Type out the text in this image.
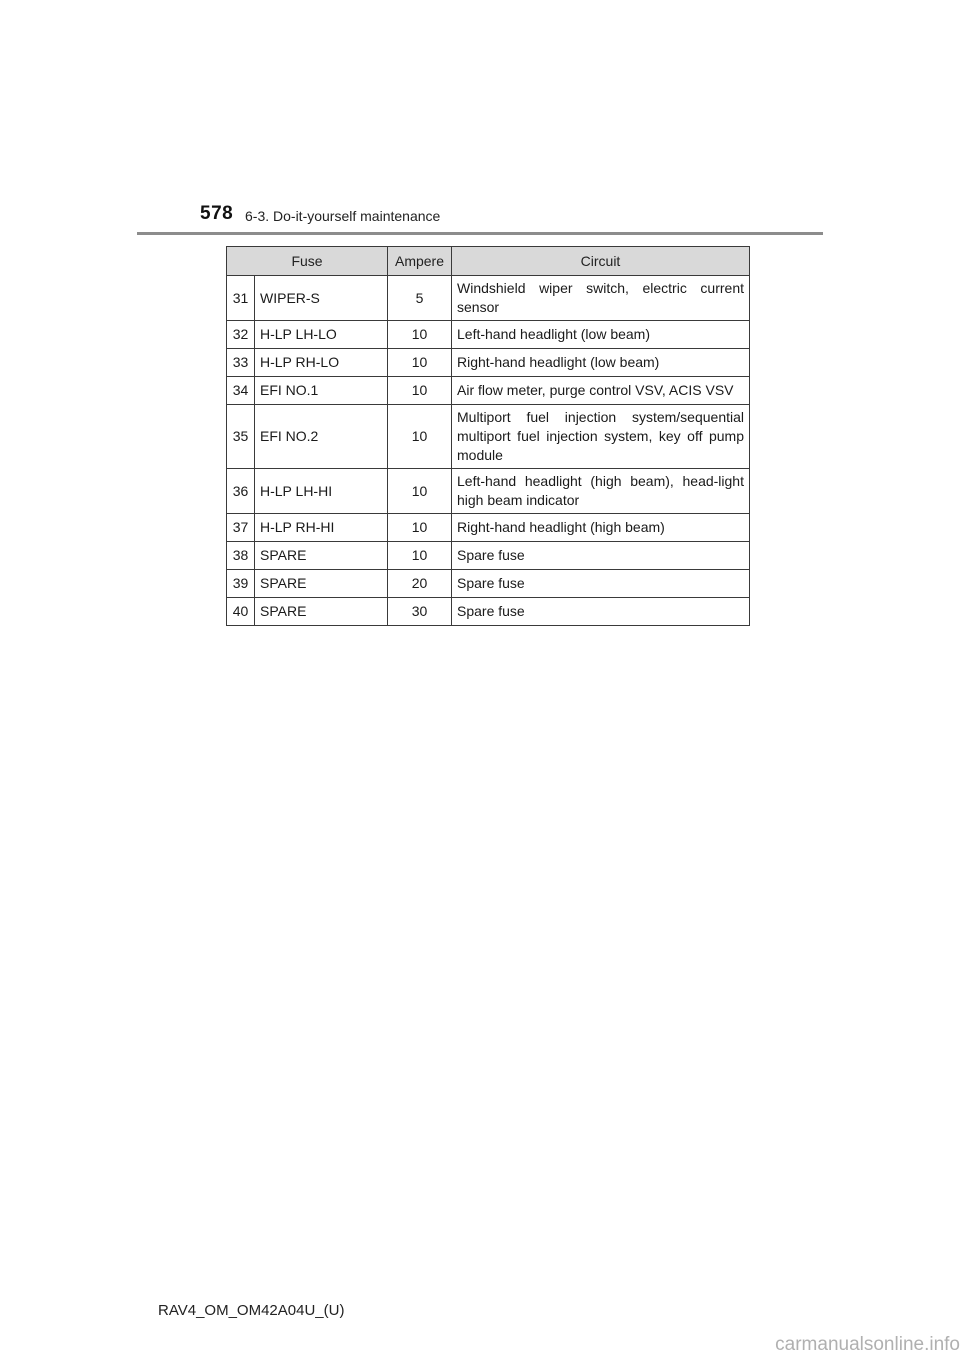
578 6-3. Do-it-yourself maintenance
Fuse		Ampere	Circuit
31	WIPER-S	5	Windshield wiper switch, electric current sensor
32	H-LP LH-LO	10	Left-hand headlight (low beam)
33	H-LP RH-LO	10	Right-hand headlight (low beam)
34	EFI NO.1	10	Air flow meter, purge control VSV, ACIS VSV
35	EFI NO.2	10	Multiport fuel injection system/sequential multiport fuel injection system, key off pump module
36	H-LP LH-HI	10	Left-hand headlight (high beam), head-light high beam indicator
37	H-LP RH-HI	10	Right-hand headlight (high beam)
38	SPARE	10	Spare fuse
39	SPARE	20	Spare fuse
40	SPARE	30	Spare fuse
RAV4_OM_OM42A04U_(U)
carmanualsonline.info
